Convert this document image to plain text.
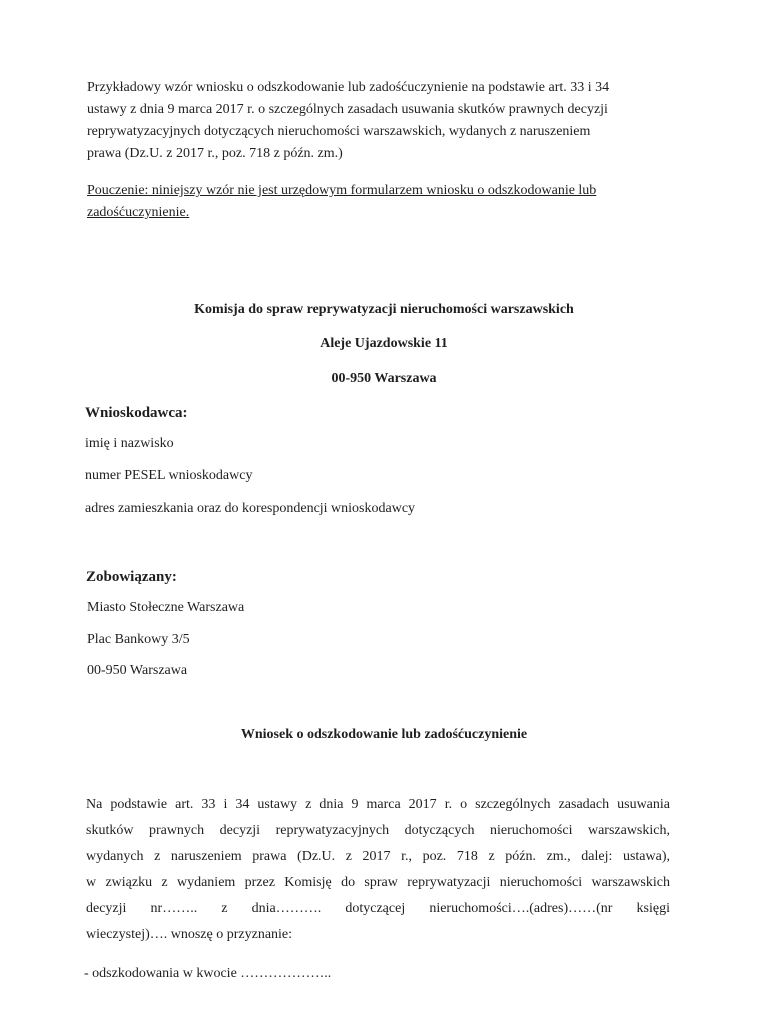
Przykładowy wzór wniosku o odszkodowanie lub zadośćuczynienie na podstawie art. 33 i 34
ustawy z dnia 9 marca 2017 r. o szczególnych zasadach usuwania skutków prawnych decyzji
reprywatyzacyjnych dotyczących nieruchomości warszawskich, wydanych z naruszeniem
prawa (Dz.U. z 2017 r., poz. 718 z późn. zm.)
Pouczenie: niniejszy wzór nie jest urzędowym formularzem wniosku o odszkodowanie lub
zadośćuczynienie.
Komisja do spraw reprywatyzacji nieruchomości warszawskich
Aleje Ujazdowskie 11
00-950 Warszawa
Wnioskodawca:
imię i nazwisko
numer PESEL wnioskodawcy
adres zamieszkania oraz do korespondencji wnioskodawcy
Zobowiązany:
Miasto Stołeczne Warszawa
Plac Bankowy 3/5
00-950 Warszawa
Wniosek o odszkodowanie lub zadośćuczynienie
Na podstawie art. 33 i 34 ustawy z dnia 9 marca 2017 r. o szczególnych zasadach usuwania
skutków prawnych decyzji reprywatyzacyjnych dotyczących nieruchomości warszawskich,
wydanych z naruszeniem prawa (Dz.U. z 2017 r., poz. 718 z późn. zm., dalej: ustawa),
w związku z wydaniem przez Komisję do spraw reprywatyzacji nieruchomości warszawskich
decyzji nr…….. z dnia………. dotyczącej nieruchomości….(adres)……(nr księgi
wieczystej)…. wnoszę o przyznanie:
- odszkodowania w kwocie ………………..
